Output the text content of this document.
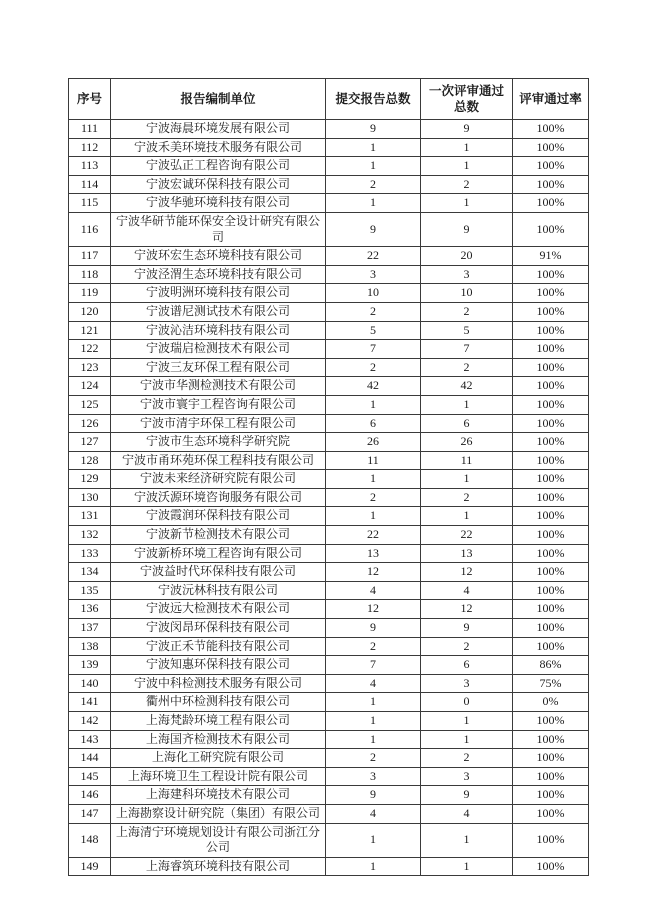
序号	报告编制单位	提交报告总数	一次评审通过总数	评审通过率
111	宁波海晨环境发展有限公司	9	9	100%
112	宁波禾美环境技术服务有限公司	1	1	100%
113	宁波弘正工程咨询有限公司	1	1	100%
114	宁波宏诚环保科技有限公司	2	2	100%
115	宁波华驰环境科技有限公司	1	1	100%
116	宁波华研节能环保安全设计研究有限公司	9	9	100%
117	宁波环宏生态环境科技有限公司	22	20	91%
118	宁波泾渭生态环境科技有限公司	3	3	100%
119	宁波明洲环境科技有限公司	10	10	100%
120	宁波谱尼测试技术有限公司	2	2	100%
121	宁波沁洁环境科技有限公司	5	5	100%
122	宁波瑞启检测技术有限公司	7	7	100%
123	宁波三友环保工程有限公司	2	2	100%
124	宁波市华测检测技术有限公司	42	42	100%
125	宁波市寰宇工程咨询有限公司	1	1	100%
126	宁波市清宇环保工程有限公司	6	6	100%
127	宁波市生态环境科学研究院	26	26	100%
128	宁波市甬环苑环保工程科技有限公司	11	11	100%
129	宁波未来经济研究院有限公司	1	1	100%
130	宁波沃源环境咨询服务有限公司	2	2	100%
131	宁波霞润环保科技有限公司	1	1	100%
132	宁波新节检测技术有限公司	22	22	100%
133	宁波新桥环境工程咨询有限公司	13	13	100%
134	宁波益时代环保科技有限公司	12	12	100%
135	宁波沅林科技有限公司	4	4	100%
136	宁波远大检测技术有限公司	12	12	100%
137	宁波闵昂环保科技有限公司	9	9	100%
138	宁波正禾节能科技有限公司	2	2	100%
139	宁波知惠环保科技有限公司	7	6	86%
140	宁波中科检测技术服务有限公司	4	3	75%
141	衢州中环检测科技有限公司	1	0	0%
142	上海梵龄环境工程有限公司	1	1	100%
143	上海国齐检测技术有限公司	1	1	100%
144	上海化工研究院有限公司	2	2	100%
145	上海环境卫生工程设计院有限公司	3	3	100%
146	上海建科环境技术有限公司	9	9	100%
147	上海勘察设计研究院（集团）有限公司	4	4	100%
148	上海清宁环境规划设计有限公司浙江分公司	1	1	100%
149	上海睿筑环境科技有限公司	1	1	100%
